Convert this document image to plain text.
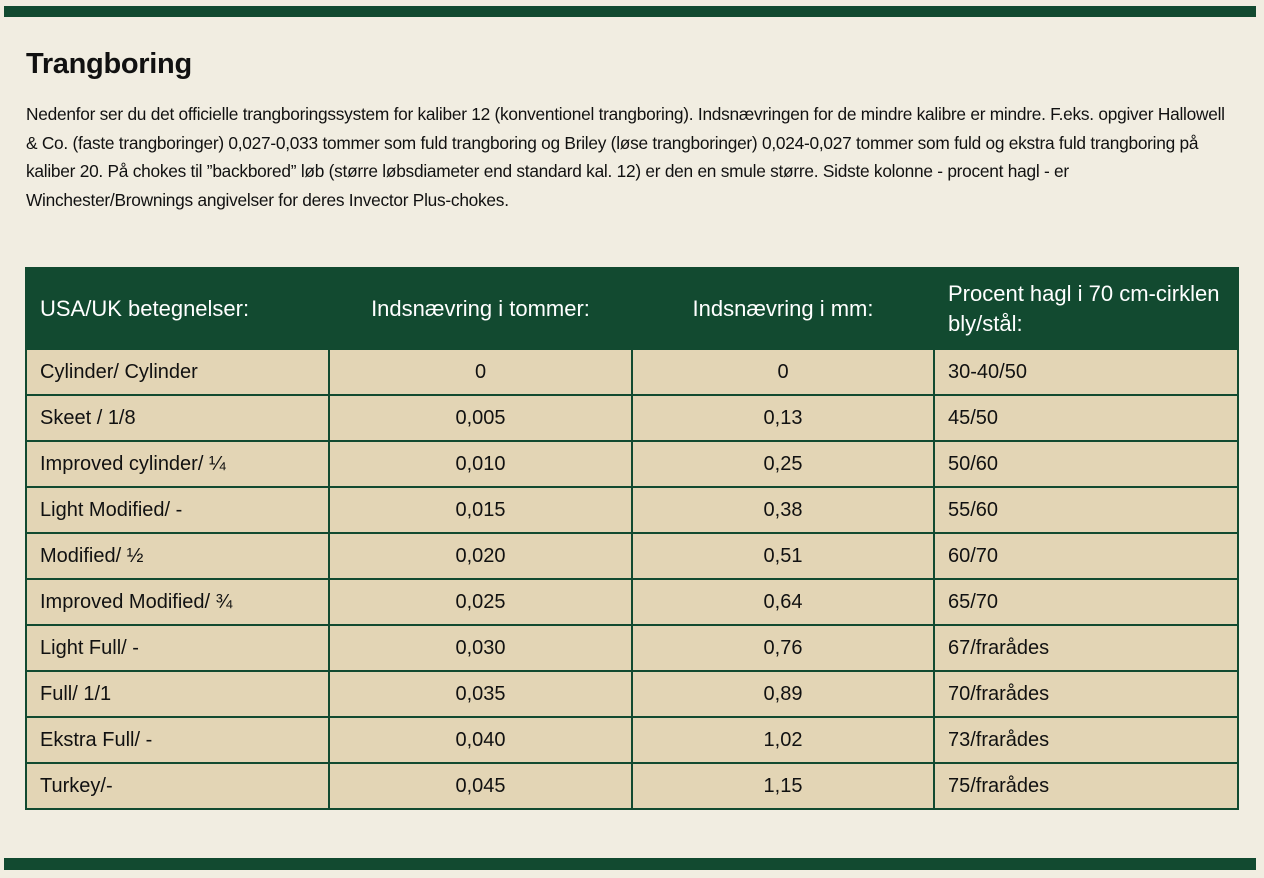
Trangboring

Nedenfor ser du det officielle trangboringssystem for kaliber 12 (konventionel trangboring). Indsnævringen for de mindre kalibre er mindre. F.eks. opgiver Hallowell & Co. (faste trangboringer) 0,027-0,033 tommer som fuld trangboring og Briley (løse trangboringer) 0,024-0,027 tommer som fuld og ekstra fuld trangboring på kaliber 20. På chokes til ”backbored” løb (større løbsdiameter end standard kal. 12) er den en smule større. Sidste kolonne - procent hagl - er Winchester/Brownings angivelser for deres Invector Plus-chokes.

USA/UK betegnelser:	Indsnævring i tommer:	Indsnævring i mm:	Procent hagl i 70 cm-cirklen bly/stål:
Cylinder/ Cylinder	0	0	30-40/50
Skeet / 1/8	0,005	0,13	45/50
Improved cylinder/ ¼	0,010	0,25	50/60
Light Modified/ -	0,015	0,38	55/60
Modified/ ½	0,020	0,51	60/70
Improved Modified/ ¾	0,025	0,64	65/70
Light Full/ -	0,030	0,76	67/frarådes
Full/ 1/1	0,035	0,89	70/frarådes
Ekstra Full/ -	0,040	1,02	73/frarådes
Turkey/-	0,045	1,15	75/frarådes
